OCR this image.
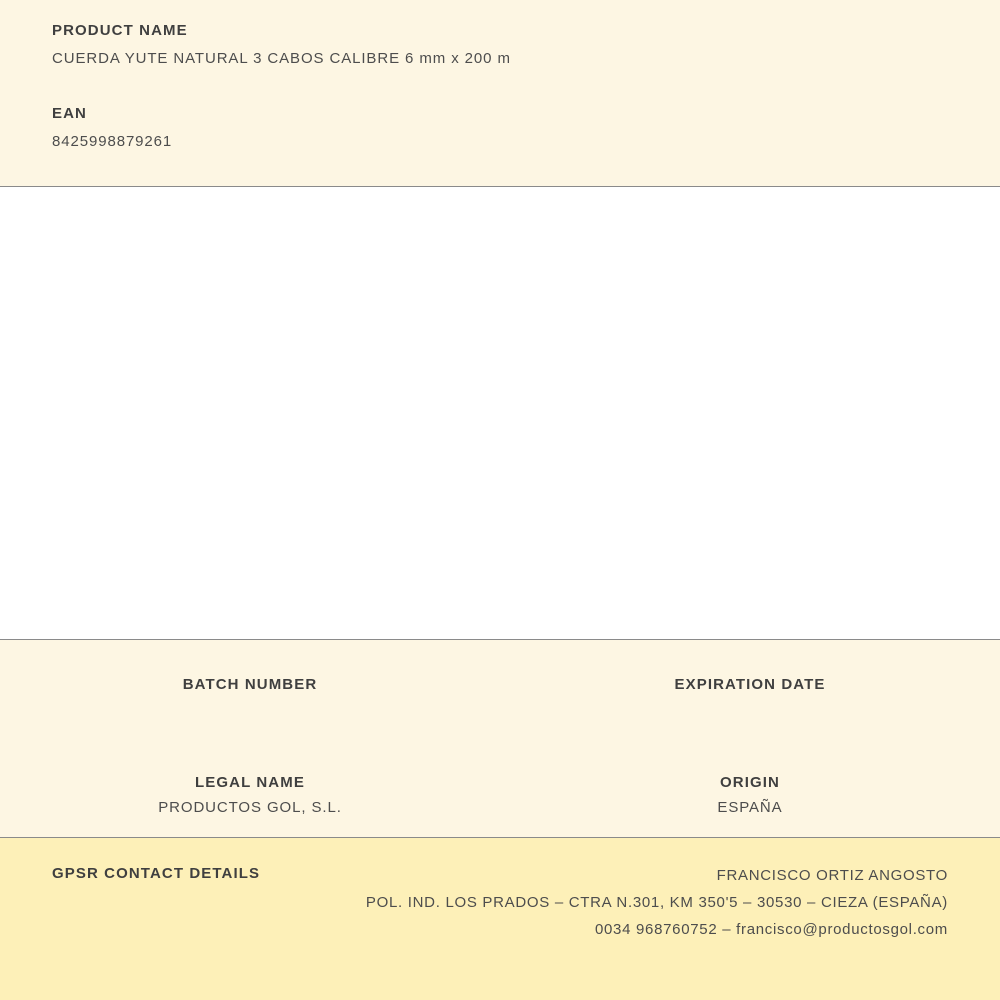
PRODUCT NAME

CUERDA YUTE NATURAL 3 CABOS CALIBRE 6 mm x 200 m

EAN

8425998879261

BATCH NUMBER	EXPIRATION DATE

LEGAL NAME

PRODUCTOS GOL, S.L.

ORIGIN

ESPAÑA

GPSR CONTACT DETAILS	FRANCISCO ORTIZ ANGOSTO
POL. IND. LOS PRADOS – CTRA N.301, KM 350'5 – 30530 – CIEZA (ESPAÑA)
0034 968760752 – francisco@productosgol.com
